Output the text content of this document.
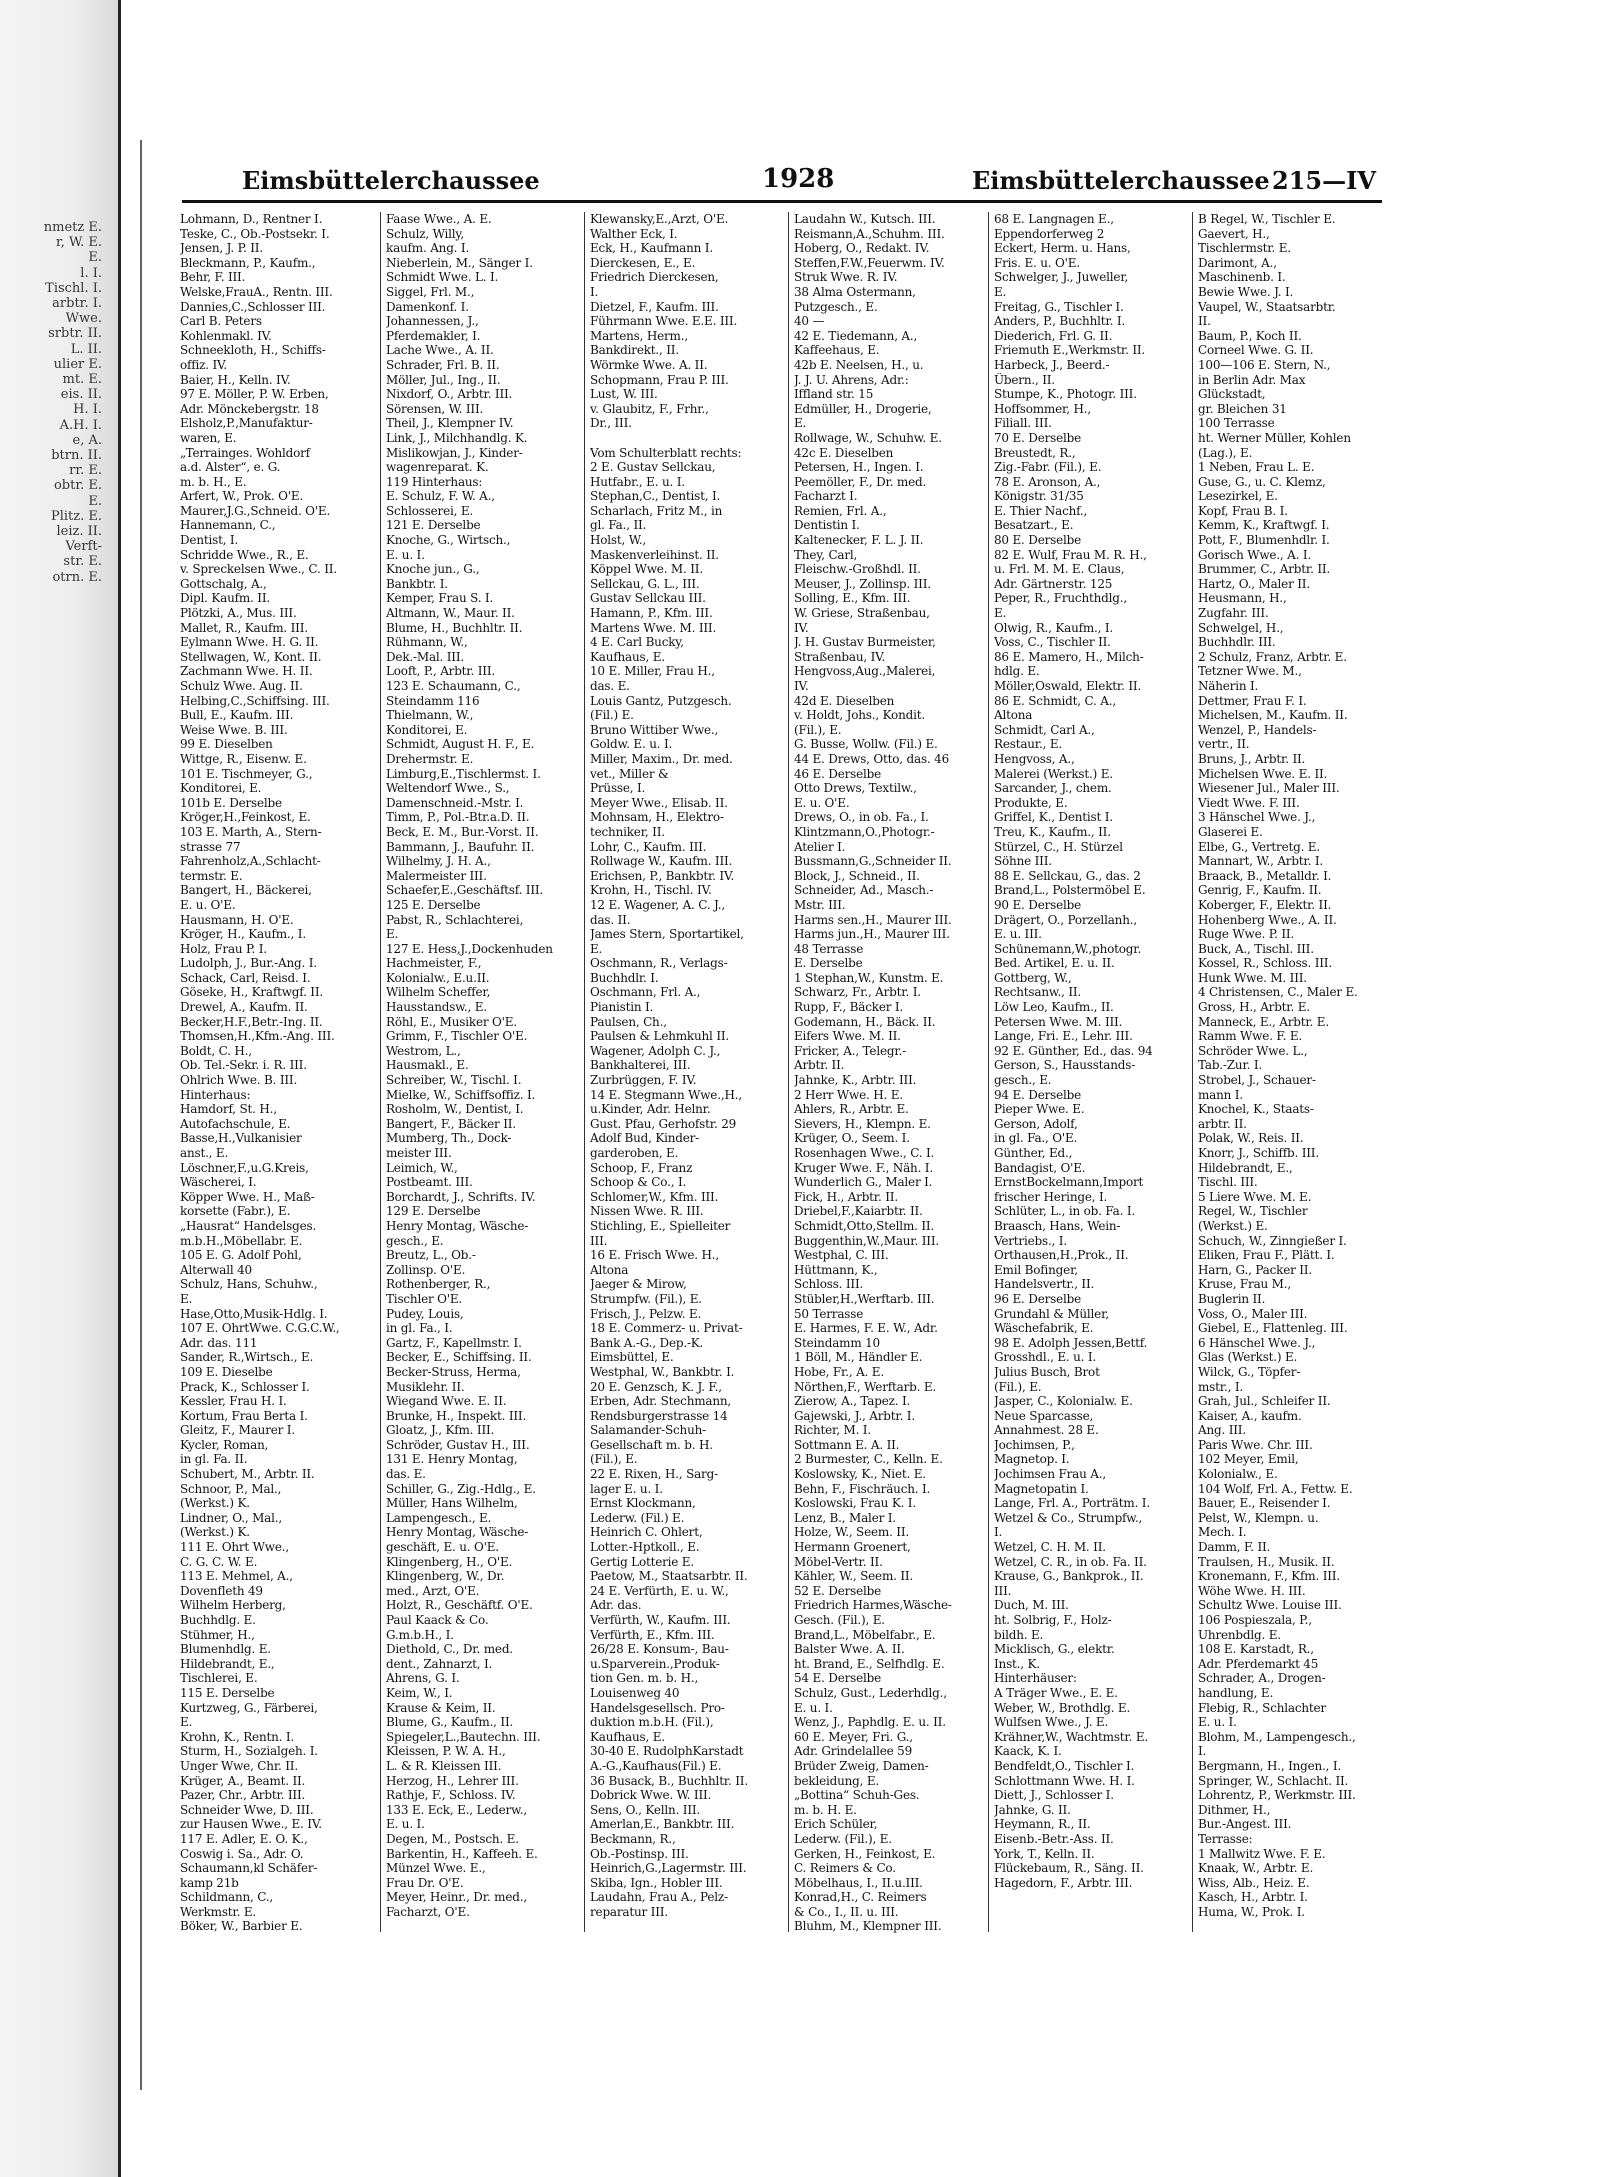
nmetz E.
r, W. E.
E.
l. I.
Tischl. I.
arbtr. I.
Wwe.
srbtr. II.
L. II.
ulier E.
mt. E.
eis. II.
H. I.
A.H. I.
e, A.
btrn. II.
rr. E.
obtr. E.
E.
Plitz. E.
leiz. II.
Verft-
str. E.
otrn. E.
Eimsbüttelerchaussee	1928	Eimsbüttelerchaussee 215—IV
Lohmann, D., Rentner I.
Teske, C., Ob.-Postsekr. I.
Jensen, J. P. II.
Bleckmann, P., Kaufm.,
Behr, F. III.
Welske,FrauA., Rentn. III.
Dannies,C.,Schlosser III.
Carl B. Peters
Kohlenmakl. IV.
Schneekloth, H., Schiffs-
offiz. IV.
Baier, H., Kelln. IV.
97 E. Möller, P. W. Erben,
Adr. Mönckebergstr. 18
Elsholz,P.,Manufaktur-
waren, E.
„Terrainges. Wohldorf
a.d. Alster“, e. G.
m. b. H., E.
Arfert, W., Prok. O'E.
Maurer,J.G.,Schneid. O'E.
Hannemann, C.,
Dentist, I.
Schridde Wwe., R., E.
v. Spreckelsen Wwe., C. II.
Gottschalg, A.,
Dipl. Kaufm. II.
Plötzki, A., Mus. III.
Mallet, R., Kaufm. III.
Eylmann Wwe. H. G. II.
Stellwagen, W., Kont. II.
Zachmann Wwe. H. II.
Schulz Wwe. Aug. II.
Helbing,C.,Schiffsing. III.
Bull, E., Kaufm. III.
Weise Wwe. B. III.
99 E. Dieselben
Wittge, R., Eisenw. E.
101 E. Tischmeyer, G.,
Konditorei, E.
101b E. Derselbe
Kröger,H.,Feinkost, E.
103 E. Marth, A., Stern-
strasse 77
Fahrenholz,A.,Schlacht-
termstr. E.
Bangert, H., Bäckerei,
E. u. O'E.
Hausmann, H. O'E.
Kröger, H., Kaufm., I.
Holz, Frau P. I.
Ludolph, J., Bur.-Ang. I.
Schack, Carl, Reisd. I.
Göseke, H., Kraftwgf. II.
Drewel, A., Kaufm. II.
Becker,H.F.,Betr.-Ing. II.
Thomsen,H.,Kfm.-Ang. III.
Boldt, C. H.,
Ob. Tel.-Sekr. i. R. III.
Ohlrich Wwe. B. III.
Hinterhaus:
Hamdorf, St. H.,
Autofachschule, E.
Basse,H.,Vulkanisier
anst., E.
Löschner,F.,u.G.Kreis,
Wäscherei, I.
Köpper Wwe. H., Maß-
korsette (Fabr.), E.
„Hausrat“ Handelsges.
m.b.H.,Möbellabr. E.
105 E. G. Adolf Pohl,
Alterwall 40
Schulz, Hans, Schuhw.,
E.
Hase,Otto,Musik-Hdlg. I.
107 E. OhrtWwe. C.G.C.W.,
Adr. das. 111
Sander, R.,Wirtsch., E.
109 E. Dieselbe
Prack, K., Schlosser I.
Kessler, Frau H. I.
Kortum, Frau Berta I.
Gleitz, F., Maurer I.
Kycler, Roman,
in gl. Fa. II.
Schubert, M., Arbtr. II.
Schnoor, P., Mal.,
(Werkst.) K.
Lindner, O., Mal.,
(Werkst.) K.
111 E. Ohrt Wwe.,
C. G. C. W. E.
113 E. Mehmel, A.,
Dovenfleth 49
Wilhelm Herberg,
Buchhdlg. E.
Stühmer, H.,
Blumenhdlg. E.
Hildebrandt, E.,
Tischlerei, E.
115 E. Derselbe
Kurtzweg, G., Färberei,
E.
Krohn, K., Rentn. I.
Sturm, H., Sozialgeh. I.
Unger Wwe, Chr. II.
Krüger, A., Beamt. II.
Pazer, Chr., Arbtr. III.
Schneider Wwe, D. III.
zur Hausen Wwe., E. IV.
117 E. Adler, E. O. K.,
Coswig i. Sa., Adr. O.
Schaumann,kl Schäfer-
kamp 21b
Schildmann, C.,
Werkmstr. E.
Böker, W., Barbier E.
Faase Wwe., A. E.
Schulz, Willy,
kaufm. Ang. I.
Nieberlein, M., Sänger I.
Schmidt Wwe. L. I.
Siggel, Frl. M.,
Damenkonf. I.
Johannessen, J.,
Pferdemakler, I.
Lache Wwe., A. II.
Schrader, Frl. B. II.
Möller, Jul., Ing., II.
Nixdorf, O., Arbtr. III.
Sörensen, W. III.
Theil, J., Klempner IV.
Link, J., Milchhandlg. K.
Mislikowjan, J., Kinder-
wagenreparat. K.
119 Hinterhaus:
E. Schulz, F. W. A.,
Schlosserei, E.
121 E. Derselbe
Knoche, G., Wirtsch.,
E. u. I.
Knoche jun., G.,
Bankbtr. I.
Kemper, Frau S. I.
Altmann, W., Maur. II.
Blume, H., Buchhltr. II.
Rühmann, W.,
Dek.-Mal. III.
Looft, P., Arbtr. III.
123 E. Schaumann, C.,
Steindamm 116
Thielmann, W.,
Konditorei, E.
Schmidt, August H. F., E.
Drehermstr. E.
Limburg,E.,Tischlermst. I.
Weltendorf Wwe., S.,
Damenschneid.-Mstr. I.
Timm, P., Pol.-Btr.a.D. II.
Beck, E. M., Bur.-Vorst. II.
Bammann, J., Baufuhr. II.
Wilhelmy, J. H. A.,
Malermeister III.
Schaefer,E.,Geschäftsf. III.
125 E. Derselbe
Pabst, R., Schlachterei,
E.
127 E. Hess,J.,Dockenhuden
Hachmeister, F.,
Kolonialw., E.u.II.
Wilhelm Scheffer,
Hausstandsw., E.
Röhl, E., Musiker O'E.
Grimm, F., Tischler O'E.
Westrom, L.,
Hausmakl., E.
Schreiber, W., Tischl. I.
Mielke, W., Schiffsoffiz. I.
Rosholm, W., Dentist, I.
Bangert, F., Bäcker II.
Mumberg, Th., Dock-
meister III.
Leimich, W.,
Postbeamt. III.
Borchardt, J., Schrifts. IV.
129 E. Derselbe
Henry Montag, Wäsche-
gesch., E.
Breutz, L., Ob.-
Zollinsp. O'E.
Rothenberger, R.,
Tischler O'E.
Pudey, Louis,
in gl. Fa., I.
Gartz, F., Kapellmstr. I.
Becker, E., Schiffsing. II.
Becker-Struss, Herma,
Musiklehr. II.
Wiegand Wwe. E. II.
Brunke, H., Inspekt. III.
Gloatz, J., Kfm. III.
Schröder, Gustav H., III.
131 E. Henry Montag,
das. E.
Schiller, G., Zig.-Hdlg., E.
Müller, Hans Wilhelm,
Lampengesch., E.
Henry Montag, Wäsche-
geschäft, E. u. O'E.
Klingenberg, H., O'E.
Klingenberg, W., Dr.
med., Arzt, O'E.
Holzt, R., Geschäftf. O'E.
Paul Kaack & Co.
G.m.b.H., I.
Diethold, C., Dr. med.
dent., Zahnarzt, I.
Ahrens, G. I.
Keim, W., I.
Krause & Keim, II.
Blume, G., Kaufm., II.
Spiegeler,L.,Bautechn. III.
Kleissen, P. W. A. H.,
L. & R. Kleissen III.
Herzog, H., Lehrer III.
Rathje, F., Schloss. IV.
133 E. Eck, E., Lederw.,
E. u. I.
Degen, M., Postsch. E.
Barkentin, H., Kaffeeh. E.
Münzel Wwe. E.,
Frau Dr. O'E.
Meyer, Heinr., Dr. med.,
Facharzt, O'E.
Klewansky,E.,Arzt, O'E.
Walther Eck, I.
Eck, H., Kaufmann I.
Dierckesen, E., E.
Friedrich Dierckesen,
I.
Dietzel, F., Kaufm. III.
Führmann Wwe. E.E. III.
Martens, Herm.,
Bankdirekt., II.
Wörmke Wwe. A. II.
Schopmann, Frau P. III.
Lust, W. III.
v. Glaubitz, F., Frhr.,
Dr., III.

Vom Schulterblatt rechts:
2 E. Gustav Sellckau,
Hutfabr., E. u. I.
Stephan,C., Dentist, I.
Scharlach, Fritz M., in
gl. Fa., II.
Holst, W.,
Maskenverleihinst. II.
Köppel Wwe. M. II.
Sellckau, G. L., III.
Gustav Sellckau III.
Hamann, P., Kfm. III.
Martens Wwe. M. III.
4 E. Carl Bucky,
Kaufhaus, E.
10 E. Miller, Frau H.,
das. E.
Louis Gantz, Putzgesch.
(Fil.) E.
Bruno Wittiber Wwe.,
Goldw. E. u. I.
Miller, Maxim., Dr. med.
vet., Miller &
Prüsse, I.
Meyer Wwe., Elisab. II.
Mohnsam, H., Elektro-
techniker, II.
Lohr, C., Kaufm. III.
Rollwage W., Kaufm. III.
Erichsen, P., Bankbtr. IV.
Krohn, H., Tischl. IV.
12 E. Wagener, A. C. J.,
das. II.
James Stern, Sportartikel,
E.
Oschmann, R., Verlags-
Buchhdlr. I.
Oschmann, Frl. A.,
Pianistin I.
Paulsen, Ch.,
Paulsen & Lehmkuhl II.
Wagener, Adolph C. J.,
Bankhalterei, III.
Zurbrüggen, F. IV.
14 E. Stegmann Wwe.,H.,
u.Kinder, Adr. Helnr.
Gust. Pfau, Gerhofstr. 29
Adolf Bud, Kinder-
garderoben, E.
Schoop, F., Franz
Schoop & Co., I.
Schlomer,W., Kfm. III.
Nissen Wwe. R. III.
Stichling, E., Spielleiter
III.
16 E. Frisch Wwe. H.,
Altona
Jaeger & Mirow,
Strumpfw. (Fil.), E.
Frisch, J., Pelzw. E.
18 E. Commerz- u. Privat-
Bank A.-G., Dep.-K.
Eimsbüttel, E.
Westphal, W., Bankbtr. I.
20 E. Genzsch, K. J. F.,
Erben, Adr. Stechmann,
Rendsburgerstrasse 14
Salamander-Schuh-
Gesellschaft m. b. H.
(Fil.), E.
22 E. Rixen, H., Sarg-
lager E. u. I.
Ernst Klockmann,
Lederw. (Fil.) E.
Heinrich C. Ohlert,
Lotter.-Hptkoll., E.
Gertig Lotterie E.
Paetow, M., Staatsarbtr. II.
24 E. Verfürth, E. u. W.,
Adr. das.
Verfürth, W., Kaufm. III.
Verfürth, E., Kfm. III.
26/28 E. Konsum-, Bau-
u.Sparverein.,Produk-
tion Gen. m. b. H.,
Louisenweg 40
Handelsgesellsch. Pro-
duktion m.b.H. (Fil.),
Kaufhaus, E.
30-40 E. RudolphKarstadt
A.-G.,Kaufhaus(Fil.) E.
36 Busack, B., Buchhltr. II.
Dobrick Wwe. W. III.
Sens, O., Kelln. III.
Amerlan,E., Bankbtr. III.
Beckmann, R.,
Ob.-Postinsp. III.
Heinrich,G.,Lagermstr. III.
Skiba, Ign., Hobler III.
Laudahn, Frau A., Pelz-
reparatur III.
Laudahn W., Kutsch. III.
Reismann,A.,Schuhm. III.
Hoberg, O., Redakt. IV.
Steffen,F.W.,Feuerwm. IV.
Struk Wwe. R. IV.
38 Alma Ostermann,
Putzgesch., E.
40 —
42 E. Tiedemann, A.,
Kaffeehaus, E.
42b E. Neelsen, H., u.
J. J. U. Ahrens, Adr.:
Iffland str. 15
Edmüller, H., Drogerie,
E.
Rollwage, W., Schuhw. E.
42c E. Dieselben
Petersen, H., Ingen. I.
Peemöller, F., Dr. med.
Facharzt I.
Remien, Frl. A.,
Dentistin I.
Kaltenecker, F. L. J. II.
They, Carl,
Fleischw.-Großhdl. II.
Meuser, J., Zollinsp. III.
Solling, E., Kfm. III.
W. Griese, Straßenbau,
IV.
J. H. Gustav Burmeister,
Straßenbau, IV.
Hengvoss,Aug.,Malerei,
IV.
42d E. Dieselben
v. Holdt, Johs., Kondit.
(Fil.), E.
G. Busse, Wollw. (Fil.) E.
44 E. Drews, Otto, das. 46
46 E. Derselbe
Otto Drews, Textilw.,
E. u. O'E.
Drews, O., in ob. Fa., I.
Klintzmann,O.,Photogr.-
Atelier I.
Bussmann,G.,Schneider II.
Block, J., Schneid., II.
Schneider, Ad., Masch.-
Mstr. III.
Harms sen.,H., Maurer III.
Harms jun.,H., Maurer III.
48 Terrasse
E. Derselbe
1 Stephan,W., Kunstm. E.
Schwarz, Fr., Arbtr. I.
Rupp, F., Bäcker I.
Godemann, H., Bäck. II.
Eifers Wwe. M. II.
Fricker, A., Telegr.-
Arbtr. II.
Jahnke, K., Arbtr. III.
2 Herr Wwe. H. E.
Ahlers, R., Arbtr. E.
Sievers, H., Klempn. E.
Krüger, O., Seem. I.
Rosenhagen Wwe., C. I.
Kruger Wwe. F., Näh. I.
Wunderlich G., Maler I.
Fick, H., Arbtr. II.
Driebel,F.,Kaiarbtr. II.
Schmidt,Otto,Stellm. II.
Buggenthin,W.,Maur. III.
Westphal, C. III.
Hüttmann, K.,
Schloss. III.
Stübler,H.,Werftarb. III.
50 Terrasse
E. Harmes, F. E. W., Adr.
Steindamm 10
1 Böll, M., Händler E.
Hobe, Fr., A. E.
Nörthen,F., Werftarb. E.
Zierow, A., Tapez. I.
Gajewski, J., Arbtr. I.
Richter, M. I.
Sottmann E. A. II.
2 Burmester, C., Kelln. E.
Koslowsky, K., Niet. E.
Behn, F., Fischräuch. I.
Koslowski, Frau K. I.
Lenz, B., Maler I.
Holze, W., Seem. II.
Hermann Groenert,
Möbel-Vertr. II.
Kähler, W., Seem. II.
52 E. Derselbe
Friedrich Harmes,Wäsche-
Gesch. (Fil.), E.
Brand,L., Möbelfabr., E.
Balster Wwe. A. II.
ht. Brand, E., Selfhdlg. E.
54 E. Derselbe
Schulz, Gust., Lederhdlg.,
E. u. I.
Wenz, J., Paphdlg. E. u. II.
60 E. Meyer, Fri. G.,
Adr. Grindelallee 59
Brüder Zweig, Damen-
bekleidung, E.
„Bottina“ Schuh-Ges.
m. b. H. E.
Erich Schüler,
Lederw. (Fil.), E.
Gerken, H., Feinkost, E.
C. Reimers & Co.
Möbelhaus, I., II.u.III.
Konrad,H., C. Reimers
& Co., I., II. u. III.
Bluhm, M., Klempner III.
68 E. Langnagen E.,
Eppendorferweg 2
Eckert, Herm. u. Hans,
Fris. E. u. O'E.
Schwelger, J., Juweller,
E.
Freitag, G., Tischler I.
Anders, P., Buchhltr. I.
Diederich, Frl. G. II.
Friemuth E.,Werkmstr. II.
Harbeck, J., Beerd.-
Übern., II.
Stumpe, K., Photogr. III.
Hoffsommer, H.,
Filiall. III.
70 E. Derselbe
Breustedt, R.,
Zig.-Fabr. (Fil.), E.
78 E. Aronson, A.,
Königstr. 31/35
E. Thier Nachf.,
Besatzart., E.
80 E. Derselbe
82 E. Wulf, Frau M. R. H.,
u. Frl. M. M. E. Claus,
Adr. Gärtnerstr. 125
Peper, R., Fruchthdlg.,
E.
Olwig, R., Kaufm., I.
Voss, C., Tischler II.
86 E. Mamero, H., Milch-
hdlg. E.
Möller,Oswald, Elektr. II.
86 E. Schmidt, C. A.,
Altona
Schmidt, Carl A.,
Restaur., E.
Hengvoss, A.,
Malerei (Werkst.) E.
Sarcander, J., chem.
Produkte, E.
Griffel, K., Dentist I.
Treu, K., Kaufm., II.
Stürzel, C., H. Stürzel
Söhne III.
88 E. Sellckau, G., das. 2
Brand,L., Polstermöbel E.
90 E. Derselbe
Drägert, O., Porzellanh.,
E. u. III.
Schünemann,W.,photogr.
Bed. Artikel, E. u. II.
Gottberg, W.,
Rechtsanw., II.
Löw Leo, Kaufm., II.
Petersen Wwe. M. III.
Lange, Fri. E., Lehr. III.
92 E. Günther, Ed., das. 94
Gerson, S., Hausstands-
gesch., E.
94 E. Derselbe
Pieper Wwe. E.
Gerson, Adolf,
in gl. Fa., O'E.
Günther, Ed.,
Bandagist, O'E.
ErnstBockelmann,Import
frischer Heringe, I.
Schlüter, L., in ob. Fa. I.
Braasch, Hans, Wein-
Vertriebs., I.
Orthausen,H.,Prok., II.
Emil Bofinger,
Handelsvertr., II.
96 E. Derselbe
Grundahl & Müller,
Wäschefabrik, E.
98 E. Adolph Jessen,Bettf.
Grosshdl., E. u. I.
Julius Busch, Brot
(Fil.), E.
Jasper, C., Kolonialw. E.
Neue Sparcasse,
Annahmest. 28 E.
Jochimsen, P.,
Magnetop. I.
Jochimsen Frau A.,
Magnetopatin I.
Lange, Frl. A., Porträtm. I.
Wetzel & Co., Strumpfw.,
I.
Wetzel, C. H. M. II.
Wetzel, C. R., in ob. Fa. II.
Krause, G., Bankprok., II.
III.
Duch, M. III.
ht. Solbrig, F., Holz-
bildh. E.
Micklisch, G., elektr.
Inst., K.
Hinterhäuser:
A Träger Wwe., E. E.
Weber, W., Brothdlg. E.
Wulfsen Wwe., J. E.
Krähner,W., Wachtmstr. E.
Kaack, K. I.
Bendfeldt,O., Tischler I.
Schlottmann Wwe. H. I.
Diett, J., Schlosser I.
Jahnke, G. II.
Heymann, R., II.
Eisenb.-Betr.-Ass. II.
York, T., Kelln. II.
Flückebaum, R., Säng. II.
Hagedorn, F., Arbtr. III.
B Regel, W., Tischler E.
Gaevert, H.,
Tischlermstr. E.
Darimont, A.,
Maschinenb. I.
Bewie Wwe. J. I.
Vaupel, W., Staatsarbtr.
II.
Baum, P., Koch II.
Corneel Wwe. G. II.
100—106 E. Stern, N.,
in Berlin Adr. Max
Glückstadt,
gr. Bleichen 31
100 Terrasse
ht. Werner Müller, Kohlen
(Lag.), E.
1 Neben, Frau L. E.
Guse, G., u. C. Klemz,
Lesezirkel, E.
Kopf, Frau B. I.
Kemm, K., Kraftwgf. I.
Pott, F., Blumenhdlr. I.
Gorisch Wwe., A. I.
Brummer, C., Arbtr. II.
Hartz, O., Maler II.
Heusmann, H.,
Zugfahr. III.
Schwelgel, H.,
Buchhdlr. III.
2 Schulz, Franz, Arbtr. E.
Tetzner Wwe. M.,
Näherin I.
Dettmer, Frau F. I.
Michelsen, M., Kaufm. II.
Wenzel, P., Handels-
vertr., II.
Bruns, J., Arbtr. II.
Michelsen Wwe. E. II.
Wiesener Jul., Maler III.
Viedt Wwe. F. III.
3 Hänschel Wwe. J.,
Glaserei E.
Elbe, G., Vertretg. E.
Mannart, W., Arbtr. I.
Braack, B., Metalldr. I.
Genrig, F., Kaufm. II.
Koberger, F., Elektr. II.
Hohenberg Wwe., A. II.
Ruge Wwe. P. II.
Buck, A., Tischl. III.
Kossel, R., Schloss. III.
Hunk Wwe. M. III.
4 Christensen, C., Maler E.
Gross, H., Arbtr. E.
Manneck, E., Arbtr. E.
Ramm Wwe. F. E.
Schröder Wwe. L.,
Tab.-Zur. I.
Strobel, J., Schauer-
mann I.
Knochel, K., Staats-
arbtr. II.
Polak, W., Reis. II.
Knorr, J., Schiffb. III.
Hildebrandt, E.,
Tischl. III.
5 Liere Wwe. M. E.
Regel, W., Tischler
(Werkst.) E.
Schuch, W., Zinngießer I.
Eliken, Frau F., Plätt. I.
Harn, G., Packer II.
Kruse, Frau M.,
Buglerin II.
Voss, O., Maler III.
Giebel, E., Flattenleg. III.
6 Hänschel Wwe. J.,
Glas (Werkst.) E.
Wilck, G., Töpfer-
mstr., I.
Grah, Jul., Schleifer II.
Kaiser, A., kaufm.
Ang. III.
Paris Wwe. Chr. III.
102 Meyer, Emil,
Kolonialw., E.
104 Wolf, Frl. A., Fettw. E.
Bauer, E., Reisender I.
Pelst, W., Klempn. u.
Mech. I.
Damm, F. II.
Traulsen, H., Musik. II.
Kronemann, F., Kfm. III.
Wöhe Wwe. H. III.
Schultz Wwe. Louise III.
106 Pospieszala, P.,
Uhrenbdlg. E.
108 E. Karstadt, R.,
Adr. Pferdemarkt 45
Schrader, A., Drogen-
handlung, E.
Flebig, R., Schlachter
E. u. I.
Blohm, M., Lampengesch.,
I.
Bergmann, H., Ingen., I.
Springer, W., Schlacht. II.
Lohrentz, P., Werkmstr. III.
Dithmer, H.,
Bur.-Angest. III.
Terrasse:
1 Mallwitz Wwe. F. E.
Knaak, W., Arbtr. E.
Wiss, Alb., Heiz. E.
Kasch, H., Arbtr. I.
Huma, W., Prok. I.
